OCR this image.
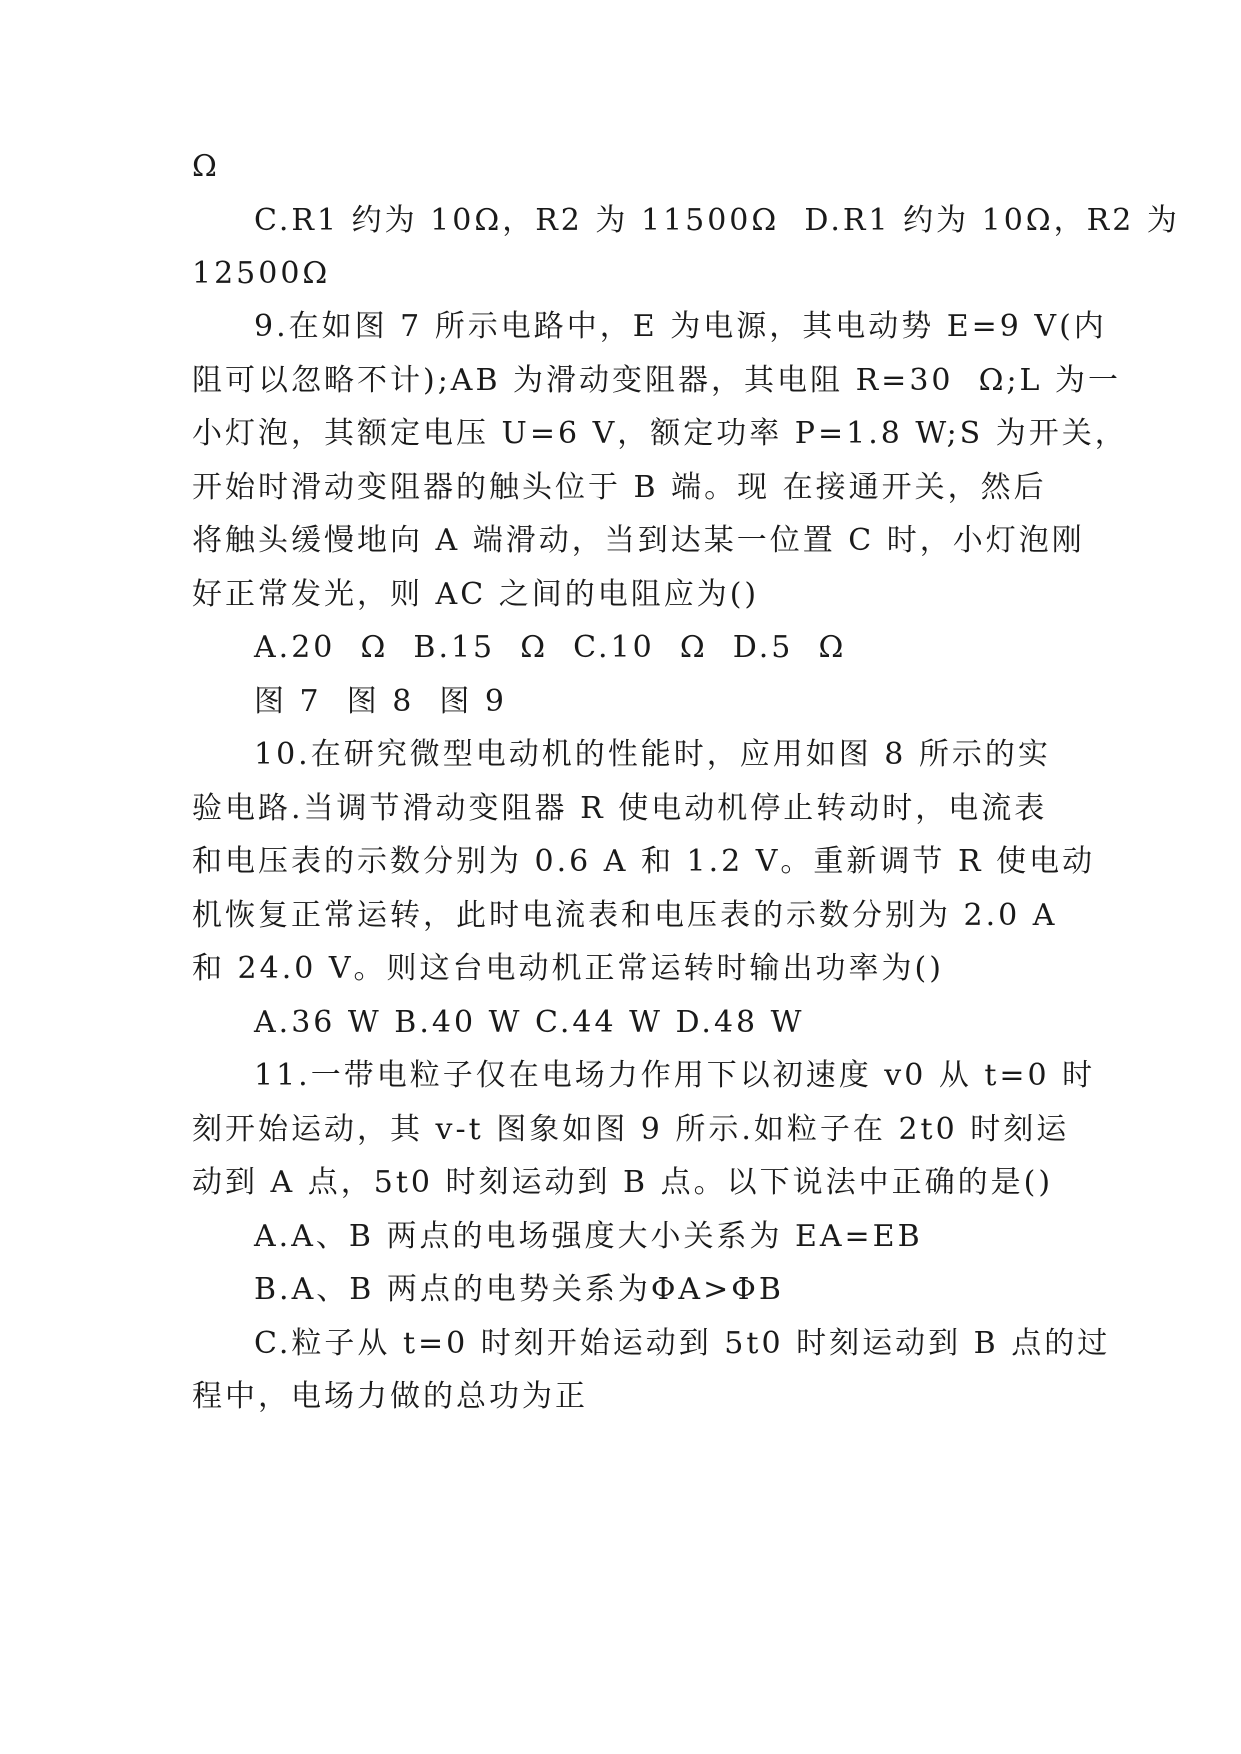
Ω

C.R1 约为 10Ω，R2 为 11500Ω  D.R1 约为 10Ω，R2 为

12500Ω

9.在如图 7 所示电路中，E 为电源，其电动势 E=9 V(内

阻可以忽略不计);AB 为滑动变阻器，其电阻 R=30  Ω;L 为一

小灯泡，其额定电压 U=6 V，额定功率 P=1.8 W;S 为开关，

开始时滑动变阻器的触头位于 B 端。现 在接通开关，然后

将触头缓慢地向 A 端滑动，当到达某一位置 C 时，小灯泡刚

好正常发光，则 AC 之间的电阻应为()

A.20  Ω  B.15  Ω  C.10  Ω  D.5  Ω

图 7  图 8  图 9

10.在研究微型电动机的性能时，应用如图 8 所示的实

验电路.当调节滑动变阻器 R 使电动机停止转动时，电流表

和电压表的示数分别为 0.6 A 和 1.2 V。重新调节 R 使电动

机恢复正常运转，此时电流表和电压表的示数分别为 2.0 A

和 24.0 V。则这台电动机正常运转时输出功率为()

A.36 W B.40 W C.44 W D.48 W

11.一带电粒子仅在电场力作用下以初速度 v0 从 t=0 时

刻开始运动，其 v-t 图象如图 9 所示.如粒子在 2t0 时刻运

动到 A 点，5t0 时刻运动到 B 点。以下说法中正确的是()

A.A、B 两点的电场强度大小关系为 EA=EB

B.A、B 两点的电势关系为ΦA>ΦB

C.粒子从 t=0 时刻开始运动到 5t0 时刻运动到 B 点的过

程中，电场力做的总功为正
